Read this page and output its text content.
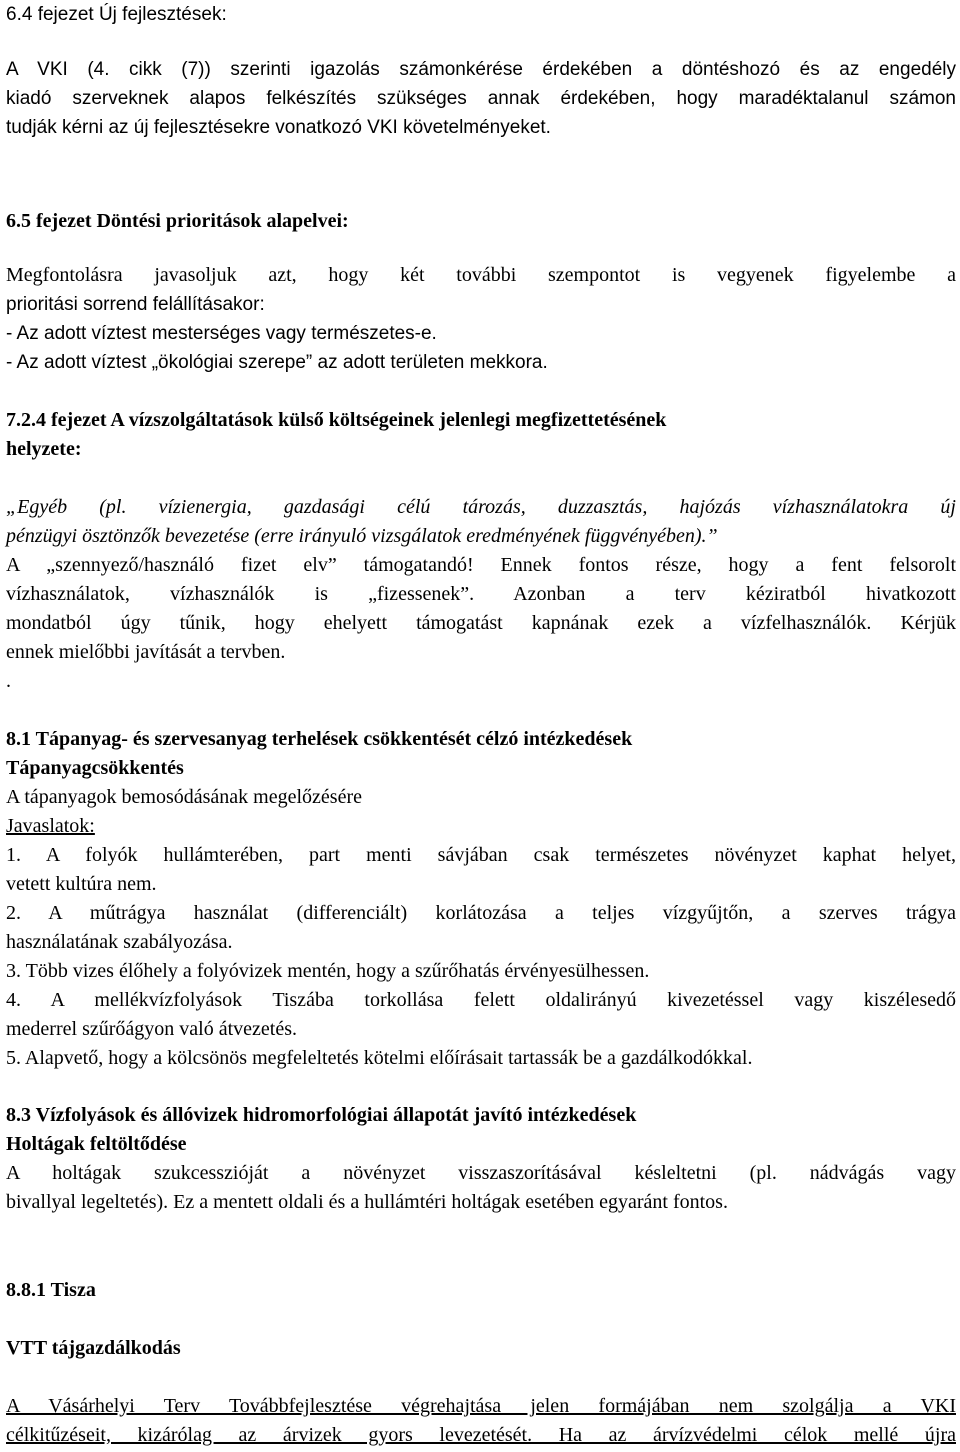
6.4 fejezet Új fejlesztések:

A VKI (4. cikk (7)) szerinti igazolás számonkérése érdekében a döntéshozó és az engedély

kiadó szerveknek alapos felkészítés szükséges annak érdekében, hogy maradéktalanul számon

tudják kérni az új fejlesztésekre vonatkozó VKI követelményeket.

6.5 fejezet Döntési prioritások alapelvei:

Megfontolásra javasoljuk azt, hogy két további szempontot is vegyenek figyelembe a

prioritási sorrend felállításakor:

- Az adott víztest mesterséges vagy természetes-e.

- Az adott víztest „ökológiai szerepe” az adott területen mekkora.

7.2.4 fejezet A vízszolgáltatások külső költségeinek jelenlegi megfizettetésének

helyzete:

„Egyéb (pl. vízienergia, gazdasági célú tározás, duzzasztás, hajózás vízhasználatokra új

pénzügyi ösztönzők bevezetése (erre irányuló vizsgálatok eredményének függvényében).”

A „szennyező/használó fizet elv” támogatandó! Ennek fontos része, hogy a fent felsorolt

vízhasználatok, vízhasználók is „fizessenek”. Azonban a terv kéziratból hivatkozott

mondatból úgy tűnik, hogy ehelyett támogatást kapnának ezek a vízfelhasználók. Kérjük

ennek mielőbbi javítását a tervben.

.

8.1 Tápanyag- és szervesanyag terhelések csökkentését célzó intézkedések

Tápanyagcsökkentés

A tápanyagok bemosódásának megelőzésére

Javaslatok:

1. A folyók hullámterében, part menti sávjában csak természetes növényzet kaphat helyet,

vetett kultúra nem.

2. A műtrágya használat (differenciált) korlátozása a teljes vízgyűjtőn, a szerves trágya

használatának szabályozása.

3. Több vizes élőhely a folyóvizek mentén, hogy a szűrőhatás érvényesülhessen.

4. A mellékvízfolyások Tiszába torkollása felett oldalirányú kivezetéssel vagy kiszélesedő

mederrel szűrőágyon való átvezetés.

5. Alapvető, hogy a kölcsönös megfeleltetés kötelmi előírásait tartassák be a gazdálkodókkal.

8.3 Vízfolyások és állóvizek hidromorfológiai állapotát javító intézkedések

Holtágak feltöltődése

A holtágak szukcesszióját a növényzet visszaszorításával késleltetni (pl. nádvágás vagy

bivallyal legeltetés). Ez a mentett oldali és a hullámtéri holtágak esetében egyaránt fontos.

8.8.1 Tisza

VTT tájgazdálkodás

A Vásárhelyi Terv Továbbfejlesztése végrehajtása jelen formájában nem szolgálja a VKI

célkitűzéseit, kizárólag az árvizek gyors levezetését. Ha az árvízvédelmi célok mellé újra
